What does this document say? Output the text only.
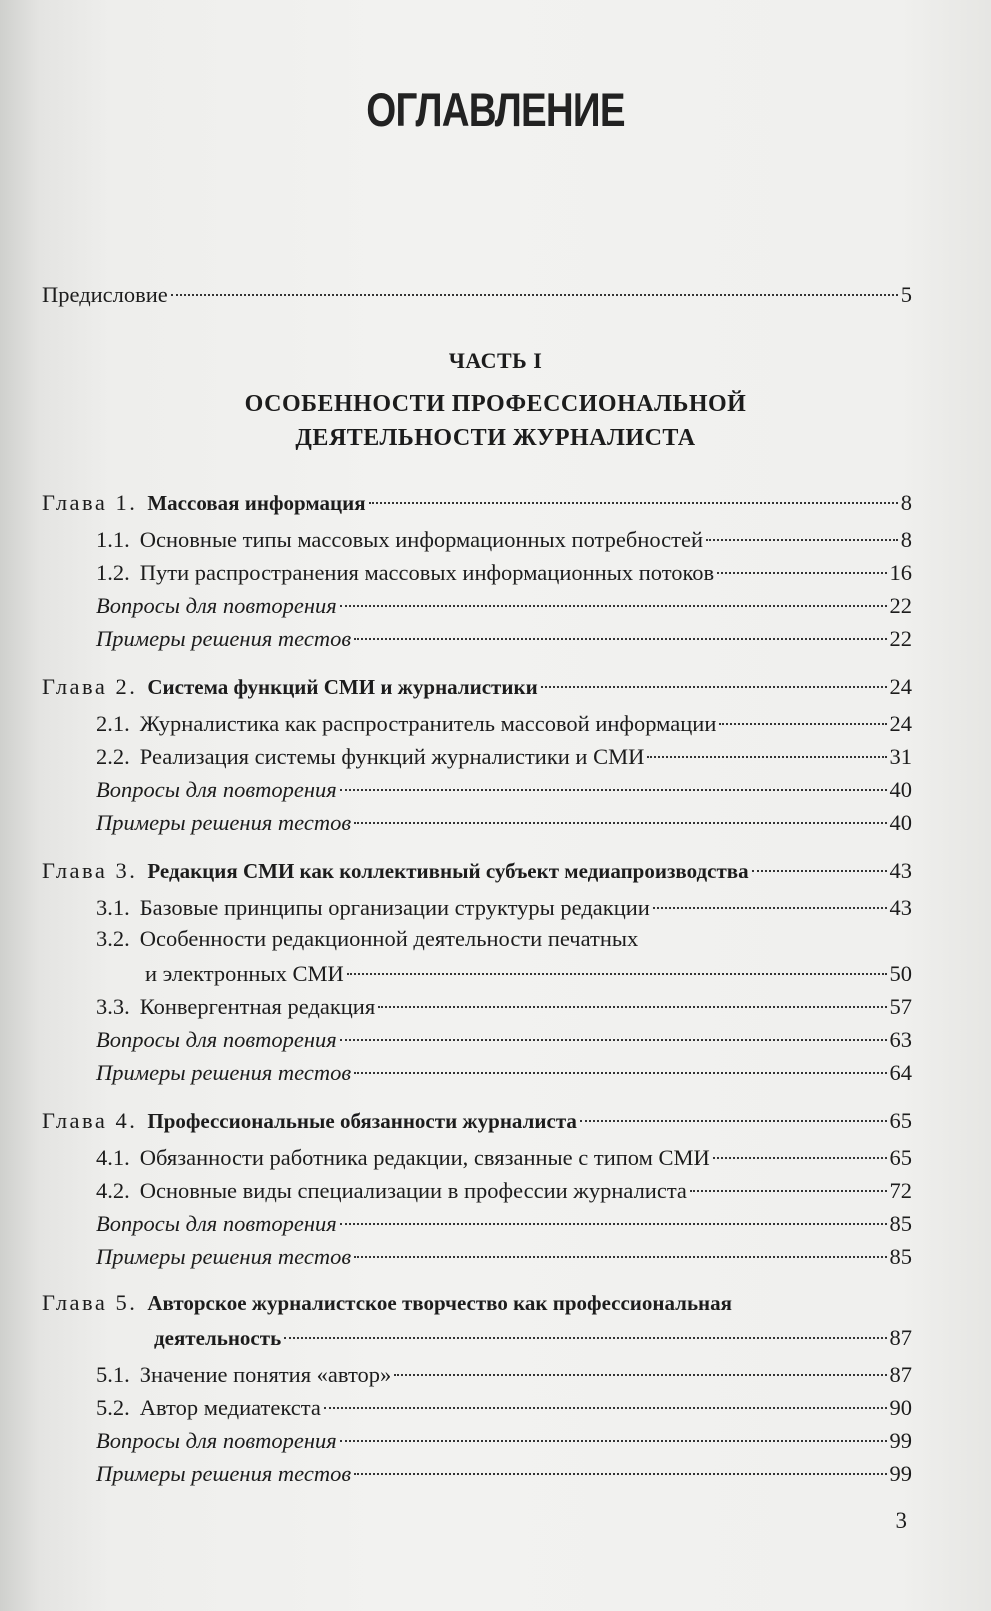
ОГЛАВЛЕНИЕ
Предисловие	5
Глава 1. Массовая информация	8
1.1. Основные типы массовых информационных потребностей	8
1.2. Пути распространения массовых информационных потоков	16
Вопросы для повторения	22
Примеры решения тестов	22
Глава 2. Система функций СМИ и журналистики	24
2.1. Журналистика как распространитель массовой информации	24
2.2. Реализация системы функций журналистики и СМИ	31
Вопросы для повторения	40
Примеры решения тестов	40
Глава 3. Редакция СМИ как коллективный субъект медиапроизводства	43
3.1. Базовые принципы организации структуры редакции	43
3.2. Особенности редакционной деятельности печатных
и электронных СМИ	50
3.3. Конвергентная редакция	57
Вопросы для повторения	63
Примеры решения тестов	64
Глава 4. Профессиональные обязанности журналиста	65
4.1. Обязанности работника редакции, связанные с типом СМИ	65
4.2. Основные виды специализации в профессии журналиста	72
Вопросы для повторения	85
Примеры решения тестов	85
Глава 5. Авторское журналистское творчество как профессиональная
деятельность	87
5.1. Значение понятия «автор»	87
5.2. Автор медиатекста	90
Вопросы для повторения	99
Примеры решения тестов	99
ЧАСТЬ I
ОСОБЕННОСТИ ПРОФЕССИОНАЛЬНОЙ
ДЕЯТЕЛЬНОСТИ ЖУРНАЛИСТА
3
